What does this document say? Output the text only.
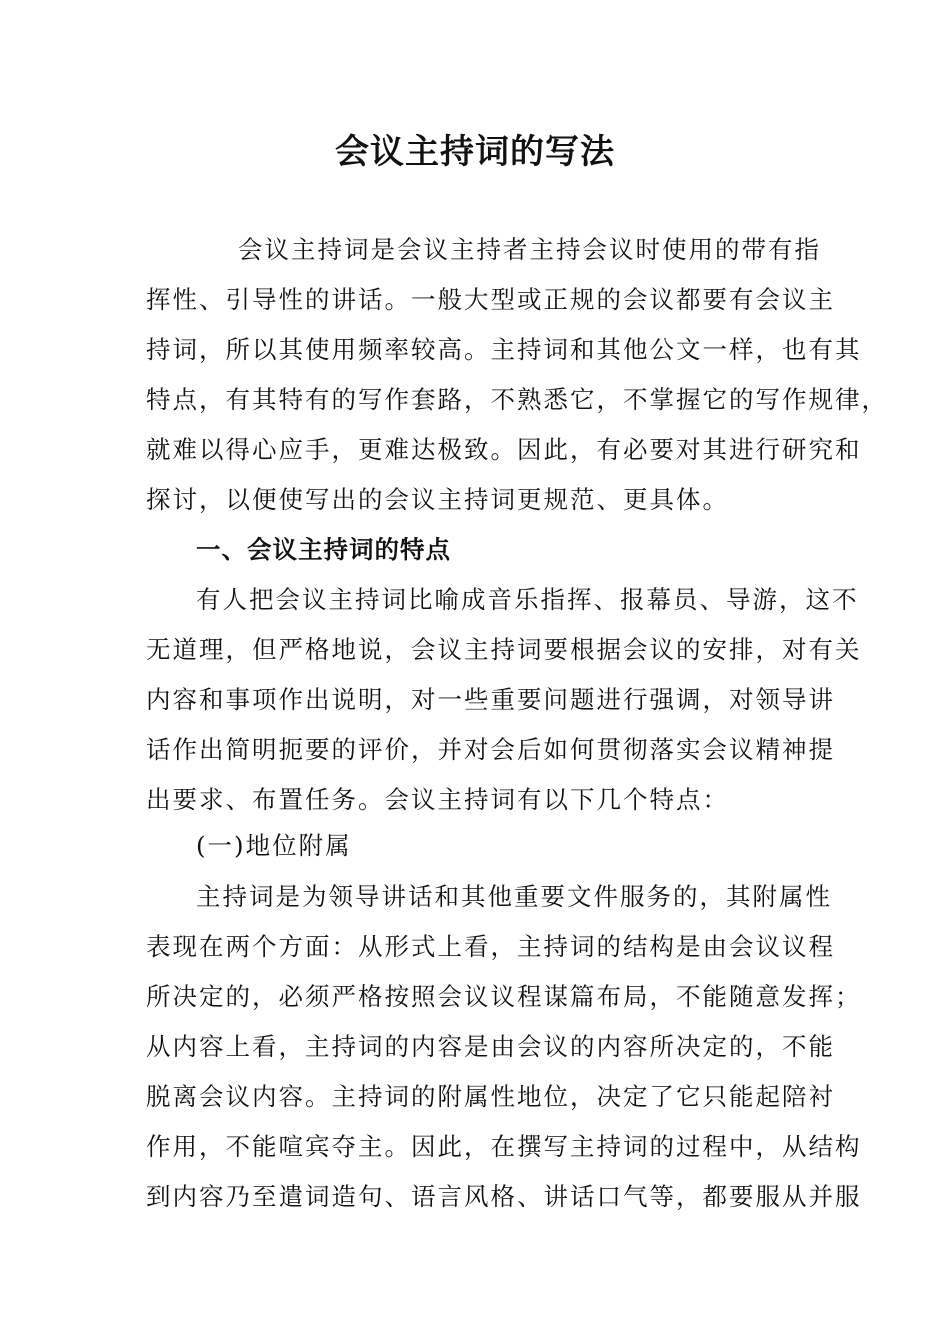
会议主持词的写法
会议主持词是会议主持者主持会议时使用的带有指
挥性、引导性的讲话。一般大型或正规的会议都要有会议主
持词，所以其使用频率较高。主持词和其他公文一样，也有其
特点，有其特有的写作套路，不熟悉它，不掌握它的写作规律，
就难以得心应手，更难达极致。因此，有必要对其进行研究和
探讨，以便使写出的会议主持词更规范、更具体。
一、会议主持词的特点
有人把会议主持词比喻成音乐指挥、报幕员、导游，这不
无道理，但严格地说，会议主持词要根据会议的安排，对有关
内容和事项作出说明，对一些重要问题进行强调，对领导讲
话作出简明扼要的评价，并对会后如何贯彻落实会议精神提
出要求、布置任务。会议主持词有以下几个特点：
(一)地位附属
主持词是为领导讲话和其他重要文件服务的，其附属性
表现在两个方面：从形式上看，主持词的结构是由会议议程
所决定的，必须严格按照会议议程谋篇布局，不能随意发挥；
从内容上看，主持词的内容是由会议的内容所决定的，不能
脱离会议内容。主持词的附属性地位，决定了它只能起陪衬
作用，不能喧宾夺主。因此，在撰写主持词的过程中，从结构
到内容乃至遣词造句、语言风格、讲话口气等，都要服从并服
